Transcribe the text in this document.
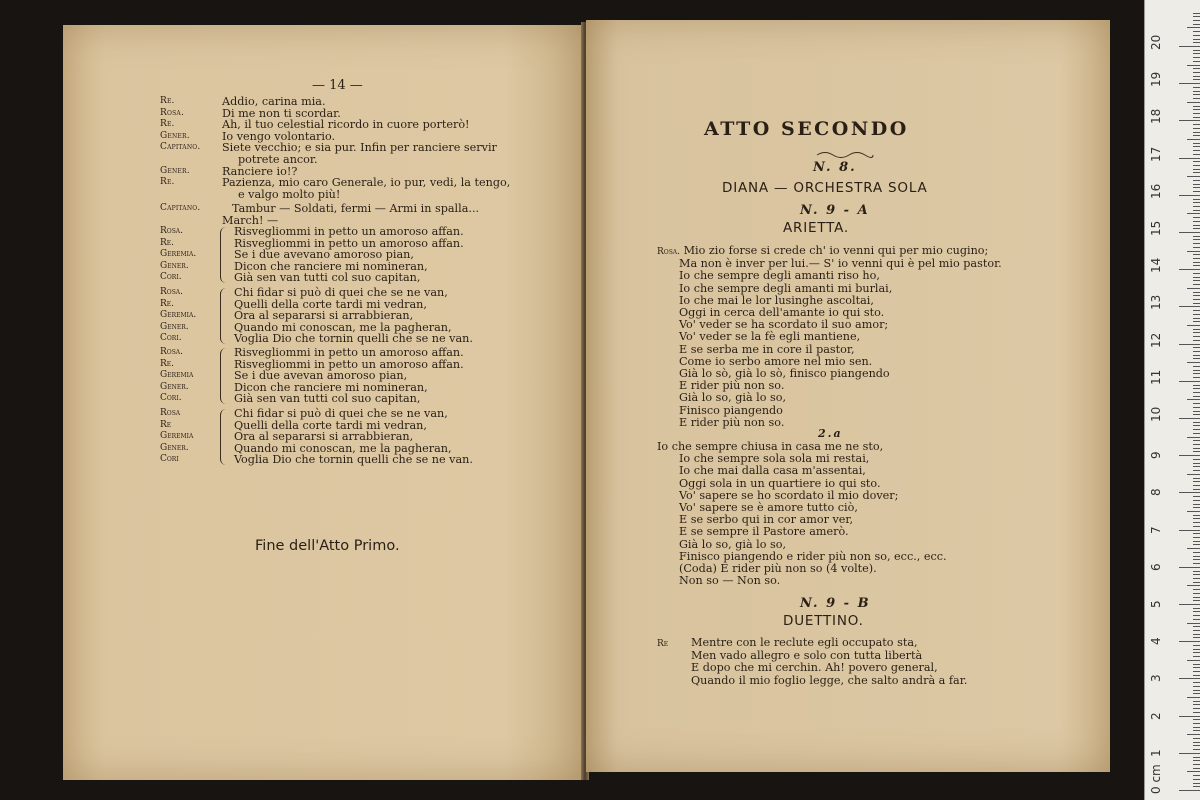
— 14 —
Re.	Addio, carina mia.
Rosa.	Di me non ti scordar.
Re.	Ah, il tuo celestial ricordo in cuore porterò!
Gener.	Io vengo volontario.
Capitano.	Siete vecchio; e sia pur. Infin per ranciere servir
potrete ancor.
Gener.	Ranciere io!?
Re.	Pazienza, mio caro Generale, io pur, vedi, la tengo,
e valgo molto più!
Capitano.	Tambur — Soldati, fermi — Armi in spalla...
March! —
Rosa.	Risvegliommi in petto un amoroso affan.
Re.	Risvegliommi in petto un amoroso affan.
Geremia.	Se i due avevano amoroso pian,
Gener.	Dicon che ranciere mi nomineran,
Cori.	Già sen van tutti col suo capitan,
Rosa.	Chi fidar si può di quei che se ne van,
Re.	Quelli della corte tardi mi vedran,
Geremia.	Ora al separarsi si arrabbieran,
Gener.	Quando mi conoscan, me la pagheran,
Cori.	Voglia Dio che tornin quelli che se ne van.
Rosa.	Risvegliommi in petto un amoroso affan.
Re.	Risvegliommi in petto un amoroso affan.
Geremia	Se i due avevan amoroso pian,
Gener.	Dicon che ranciere mi nomineran,
Cori.	Già sen van tutti col suo capitan,
Rosa	Chi fidar si può di quei che se ne van,
Re	Quelli della corte tardi mi vedran,
Geremia	Ora al separarsi si arrabbieran,
Gener.	Quando mi conoscan, me la pagheran,
Cori	Voglia Dio che tornin quelli che se ne van.
Fine dell'Atto Primo.
ATTO SECONDO
N. 8.
DIANA — ORCHESTRA SOLA
N. 9 - A
ARIETTA.
Rosa. Mio zio forse si crede ch' io venni qui per mio cugino;
Ma non è inver per lui.— S' io venni qui è pel mio pastor.
Io che sempre degli amanti riso ho,
Io che sempre degli amanti mi burlai,
Io che mai le lor lusinghe ascoltai,
Oggi in cerca dell'amante io qui sto.
Vo' veder se ha scordato il suo amor;
Vo' veder se la fè egli mantiene,
E se serba me in core il pastor,
Come io serbo amore nel mio sen.
Già lo sò, già lo sò, finisco piangendo
E rider più non so.
Già lo so, già lo so,
Finisco piangendo
E rider più non so.
2.a
Io che sempre chiusa in casa me ne sto,
Io che sempre sola sola mi restai,
Io che mai dalla casa m'assentai,
Oggi sola in un quartiere io qui sto.
Vo' sapere se ho scordato il mio dover;
Vo' sapere se è amore tutto ciò,
E se serbo qui in cor amor ver,
E se sempre il Pastore amerò.
Già lo so, già lo so,
Finisco piangendo e rider più non so, ecc., ecc.
(Coda) E rider più non so (4 volte).
Non so — Non so.
N. 9 - B
DUETTINO.
Re Mentre con le reclute egli occupato sta,
Men vado allegro e solo con tutta libertà
E dopo che mi cerchin. Ah! povero general,
Quando il mio foglio legge, che salto andrà a far.
0 cm
1
2
3
4
5
6
7
8
9
10
11
12
13
14
15
16
17
18
19
20
